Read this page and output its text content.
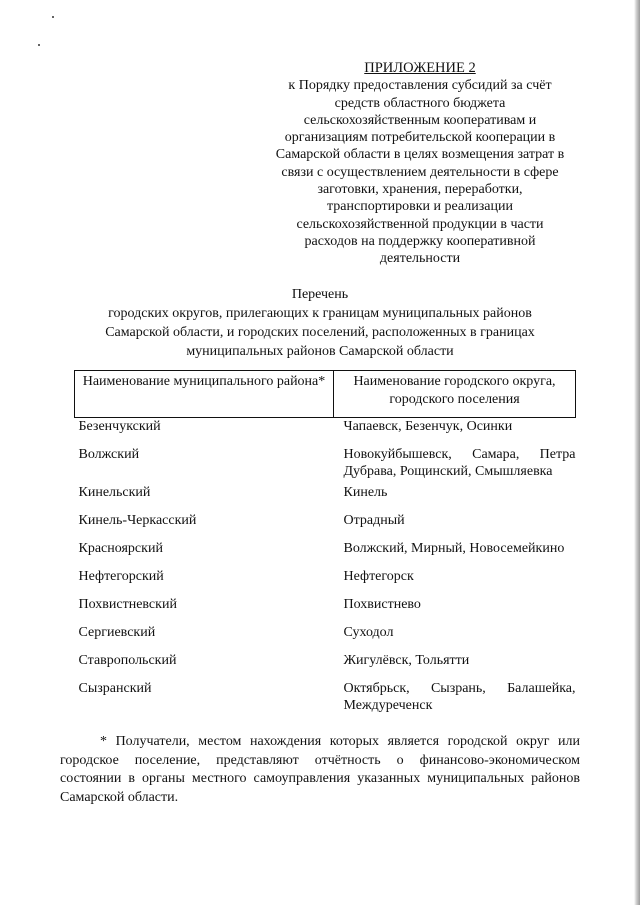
ПРИЛОЖЕНИЕ 2
к Порядку предоставления субсидий за счёт
средств областного бюджета
сельскохозяйственным кооперативам и
организациям потребительской кооперации в
Самарской области в целях возмещения затрат в
связи с осуществлением деятельности в сфере
заготовки, хранения, переработки,
транспортировки и реализации
сельскохозяйственной продукции в части
расходов на поддержку кооперативной
деятельности
Перечень
городских округов, прилегающих к границам муниципальных районов
Самарской области, и городских поселений, расположенных в границах
муниципальных районов Самарской области
Наименование муниципального района*	Наименование городского округа, городского поселения
Безенчукский	Чапаевск, Безенчук, Осинки
Волжский	Новокуйбышевск, Самара, Петра Дубрава, Рощинский, Смышляевка
Кинельский	Кинель
Кинель-Черкасский	Отрадный
Красноярский	Волжский, Мирный, Новосемейкино
Нефтегорский	Нефтегорск
Похвистневский	Похвистнево
Сергиевский	Суходол
Ставропольский	Жигулёвск, Тольятти
Сызранский	Октябрьск, Сызрань, Балашейка, Междуреченск
* Получатели, местом нахождения которых является городской округ или городское поселение, представляют отчётность о финансово-экономическом состоянии в органы местного самоуправления указанных муниципальных районов Самарской области.
